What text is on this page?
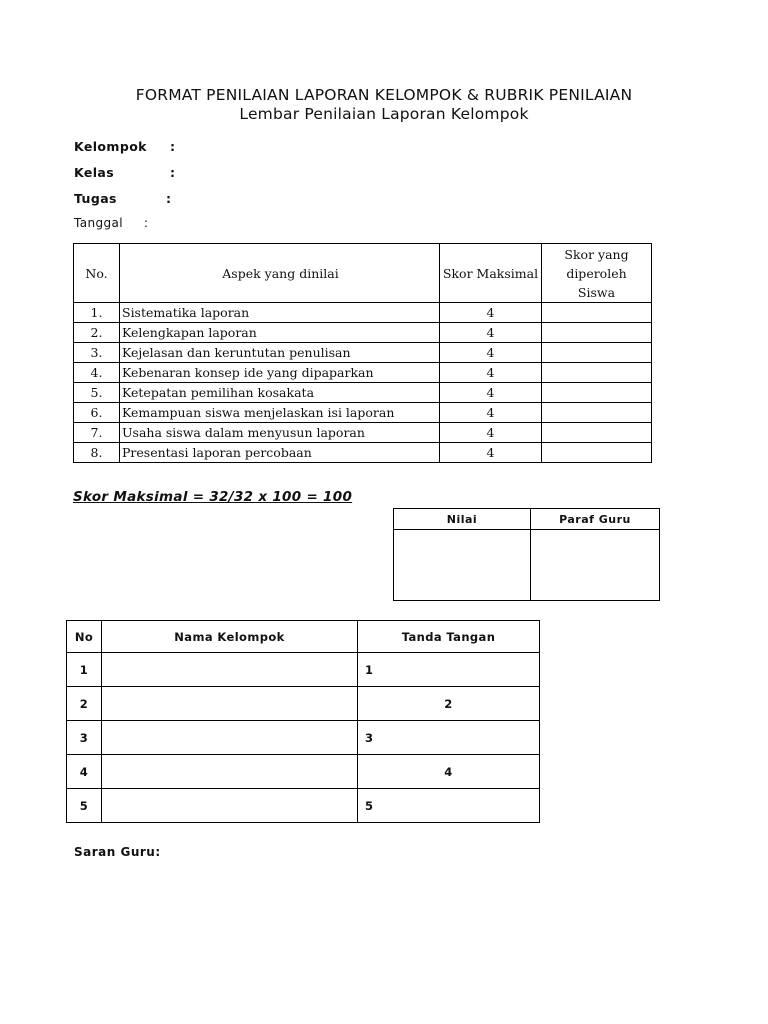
FORMAT PENILAIAN LAPORAN KELOMPOK & RUBRIK PENILAIAN
Lembar Penilaian Laporan Kelompok
Kelompok :
Kelas	:
Tugas	:
Tanggal :
No.	Aspek yang dinilai	Skor Maksimal	Skor yang
diperoleh
Siswa

1.	Sistematika laporan	4	
2.	Kelengkapan laporan	4	
3.	Kejelasan dan keruntutan penulisan	4	
4.	Kebenaran konsep ide yang dipaparkan	4	
5.	Ketepatan pemilihan kosakata	4	
6.	Kemampuan siswa menjelaskan isi laporan	4	
7.	Usaha siswa dalam menyusun laporan	4	
8.	Presentasi laporan percobaan	4	
Skor Maksimal = 32/32 x 100 = 100
Nilai	Paraf Guru

No	Nama Kelompok	Tanda Tangan
1		1
2		2
3		3
4		4
5		5
Saran Guru:
